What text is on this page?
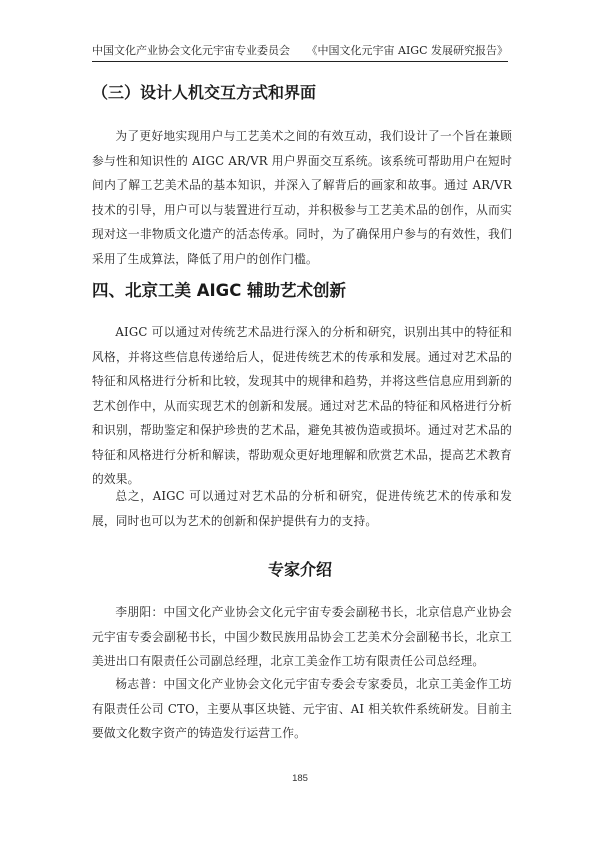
中国文化产业协会文化元宇宙专业委员会 《中国文化元宇宙 AIGC 发展研究报告》
（三）设计人机交互方式和界面

为了更好地实现用户与工艺美术之间的有效互动，我们设计了一个旨在兼顾参与性和知识性的 AIGC AR/VR 用户界面交互系统。该系统可帮助用户在短时间内了解工艺美术品的基本知识，并深入了解背后的画家和故事。通过 AR/VR 技术的引导，用户可以与装置进行互动，并积极参与工艺美术品的创作，从而实现对这一非物质文化遗产的活态传承。同时，为了确保用户参与的有效性，我们采用了生成算法，降低了用户的创作门槛。

四、北京工美 AIGC 辅助艺术创新

AIGC 可以通过对传统艺术品进行深入的分析和研究，识别出其中的特征和风格，并将这些信息传递给后人，促进传统艺术的传承和发展。通过对艺术品的特征和风格进行分析和比较，发现其中的规律和趋势，并将这些信息应用到新的艺术创作中，从而实现艺术的创新和发展。通过对艺术品的特征和风格进行分析和识别，帮助鉴定和保护珍贵的艺术品，避免其被伪造或损坏。通过对艺术品的特征和风格进行分析和解读，帮助观众更好地理解和欣赏艺术品，提高艺术教育的效果。

总之，AIGC 可以通过对艺术品的分析和研究，促进传统艺术的传承和发展，同时也可以为艺术的创新和保护提供有力的支持。

专家介绍

李朋阳：中国文化产业协会文化元宇宙专委会副秘书长，北京信息产业协会元宇宙专委会副秘书长，中国少数民族用品协会工艺美术分会副秘书长，北京工美进出口有限责任公司副总经理，北京工美金作工坊有限责任公司总经理。

杨志普：中国文化产业协会文化元宇宙专委会专家委员，北京工美金作工坊有限责任公司 CTO，主要从事区块链、元宇宙、AI 相关软件系统研发。目前主要做文化数字资产的铸造发行运营工作。

185
